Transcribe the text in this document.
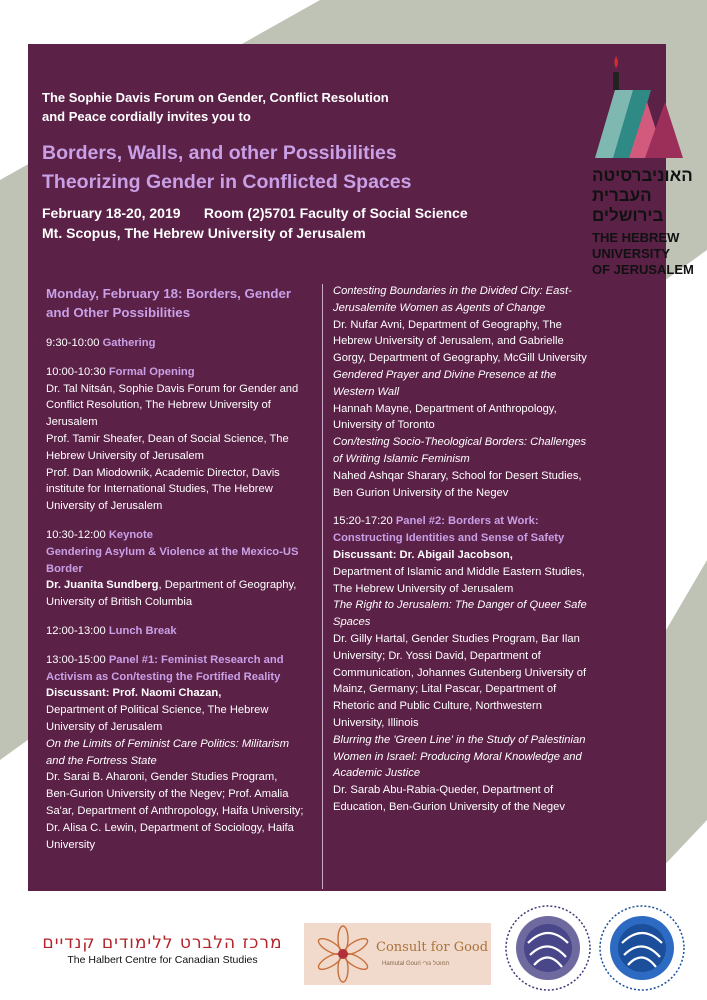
האוניברסיטה
העברית
בירושלים
THE HEBREW
UNIVERSITY
OF JERUSALEM
The Sophie Davis Forum on Gender, Conflict Resolution
and Peace cordially invites you to
Borders, Walls, and other Possibilities
Theorizing Gender in Conflicted Spaces
February 18-20, 2019      Room (2)5701 Faculty of Social Science
Mt. Scopus, The Hebrew University of Jerusalem
Monday, February 18: Borders, Gender and Other Possibilities
9:30-10:00 Gathering
10:00-10:30 Formal Opening
Dr. Tal Nitsán, Sophie Davis Forum for Gender and Conflict Resolution, The Hebrew University of Jerusalem
Prof. Tamir Sheafer, Dean of Social Science, The Hebrew University of Jerusalem
Prof. Dan Miodownik, Academic Director, Davis institute for International Studies, The Hebrew University of Jerusalem
10:30-12:00 Keynote
Gendering Asylum & Violence at the Mexico-US Border
Dr. Juanita Sundberg, Department of Geography, University of British Columbia
12:00-13:00 Lunch Break
13:00-15:00 Panel #1: Feminist Research and Activism as Con/testing the Fortified Reality
Discussant: Prof. Naomi Chazan,
Department of Political Science, The Hebrew University of Jerusalem
On the Limits of Feminist Care Politics: Militarism and the Fortress State
Dr. Sarai B. Aharoni, Gender Studies Program, Ben-Gurion University of the Negev; Prof. Amalia Sa'ar, Department of Anthropology, Haifa University; Dr. Alisa C. Lewin, Department of Sociology, Haifa University
Contesting Boundaries in the Divided City: East-Jerusalemite Women as Agents of Change
Dr. Nufar Avni, Department of Geography, The Hebrew University of Jerusalem, and Gabrielle Gorgy, Department of Geography, McGill University
Gendered Prayer and Divine Presence at the Western Wall
Hannah Mayne, Department of Anthropology, University of Toronto
Con/testing Socio-Theological Borders: Challenges of Writing Islamic Feminism
Nahed Ashqar Sharary, School for Desert Studies, Ben Gurion University of the Negev
15:20-17:20 Panel #2: Borders at Work: Constructing Identities and Sense of Safety
Discussant: Dr. Abigail Jacobson,
Department of Islamic and Middle Eastern Studies, The Hebrew University of Jerusalem
The Right to Jerusalem: The Danger of Queer Safe Spaces
Dr. Gilly Hartal, Gender Studies Program, Bar Ilan University; Dr. Yossi David, Department of Communication, Johannes Gutenberg University of Mainz, Germany; Lital Pascar, Department of Rhetoric and Public Culture, Northwestern University, Illinois
Blurring the 'Green Line' in the Study of Palestinian Women in Israel: Producing Moral Knowledge and Academic Justice
Dr. Sarab Abu-Rabia-Queder, Department of Education, Ben-Gurion University of the Negev
מרכז הלברט ללימודים קנדיים
The Halbert Centre for Canadian Studies
Consult for Good
Hamutal Gouri חמוטל גורי
